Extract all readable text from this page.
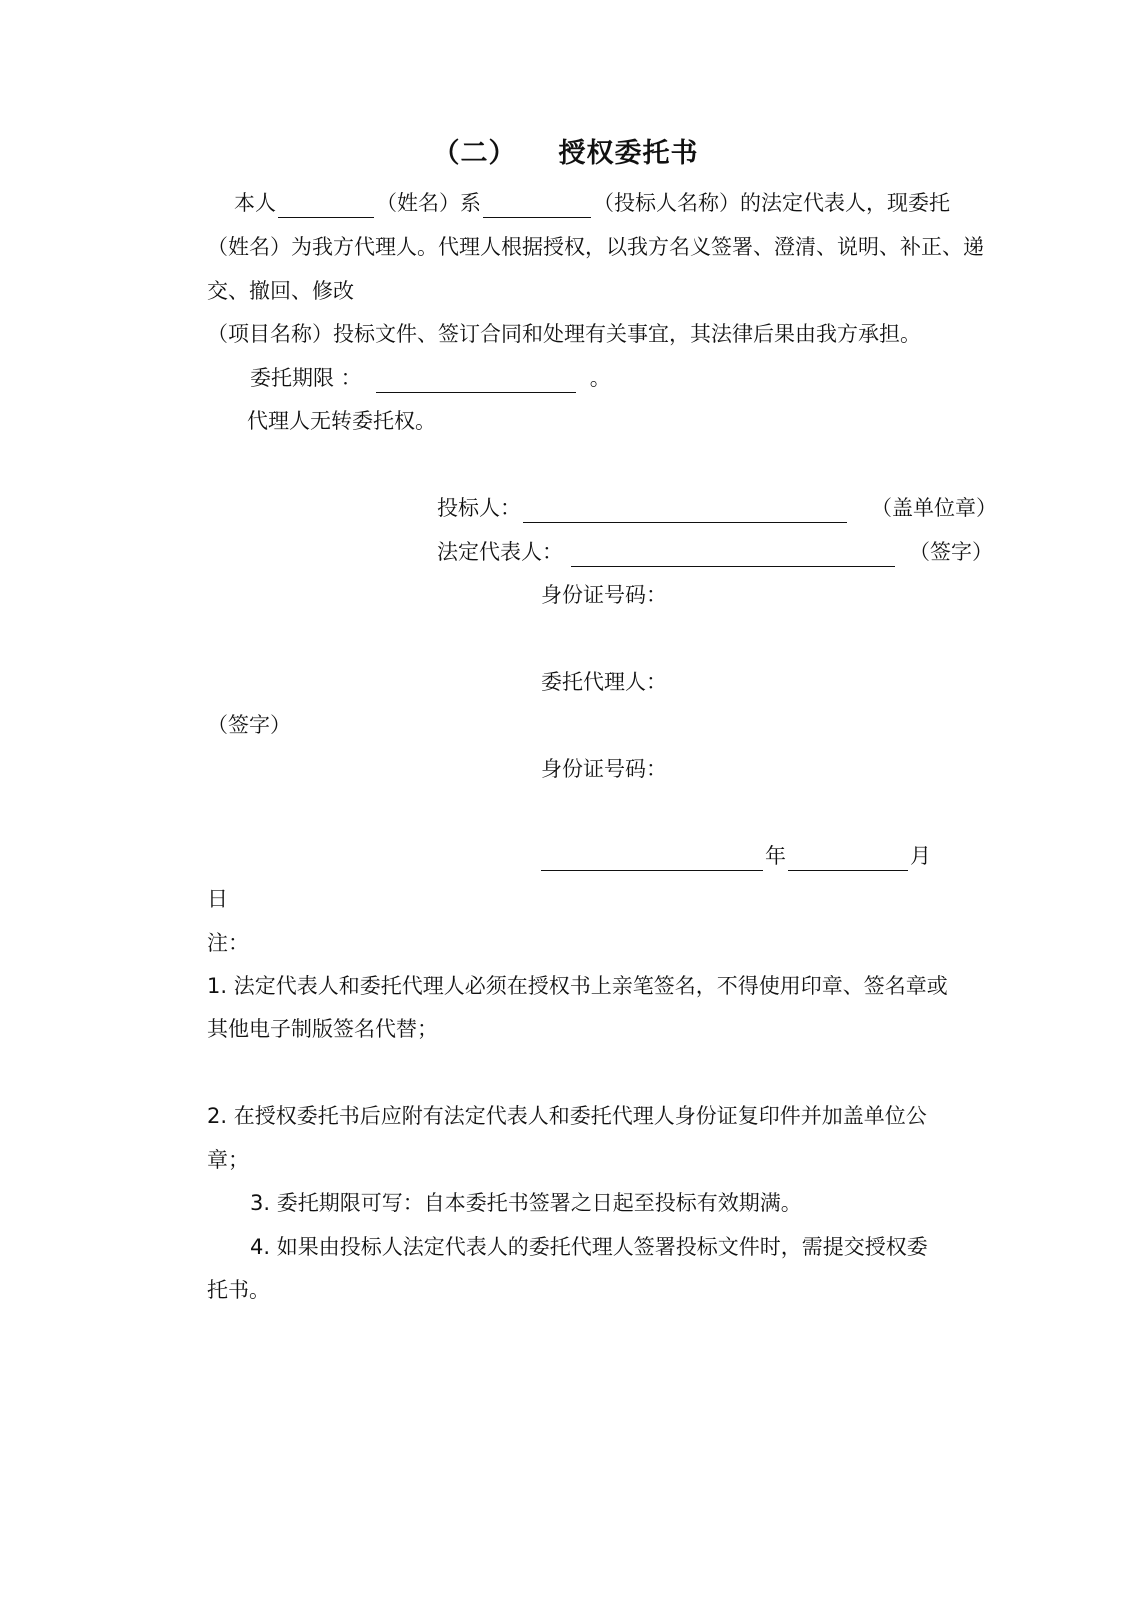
（二） 授权委托书
本人	（姓名）系	（投标人名称）的法定代表人，现委托
（姓名）为我方代理人。代理人根据授权，以我方名义签署、澄清、说明、补正、递
交、撤回、修改
（项目名称）投标文件、签订合同和处理有关事宜，其法律后果由我方承担。
委托期限 ：	。
代理人无转委托权。
投标人：	（盖单位章）
法定代表人：	（签字）
身份证号码：
委托代理人：
（签字）
身份证号码：
年	月
日
注：
1. 法定代表人和委托代理人必须在授权书上亲笔签名，不得使用印章、签名章或
其他电子制版签名代替；
2. 在授权委托书后应附有法定代表人和委托代理人身份证复印件并加盖单位公
章；
3. 委托期限可写：自本委托书签署之日起至投标有效期满。
4. 如果由投标人法定代表人的委托代理人签署投标文件时，需提交授权委
托书。
